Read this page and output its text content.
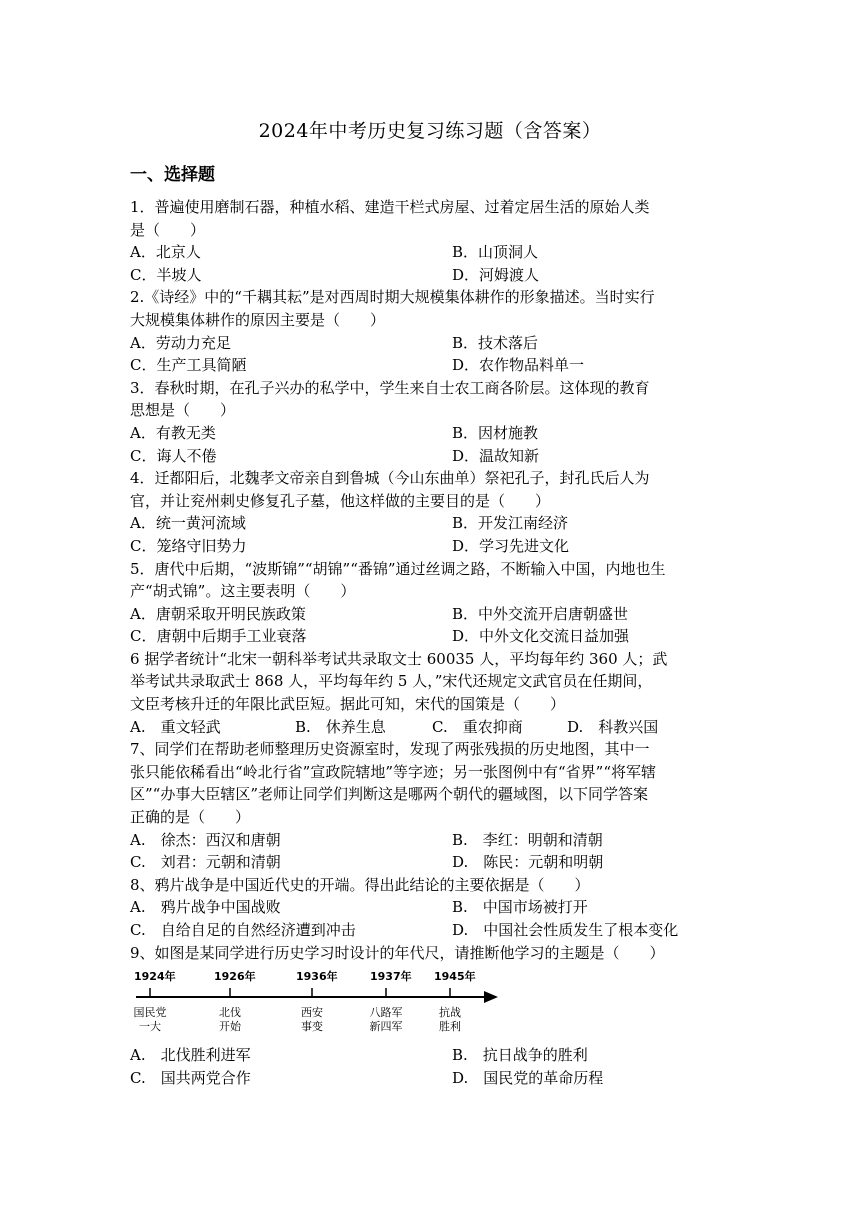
2024年中考历史复习练习题（含答案）
一、选择题
1．普遍使用磨制石器，种植水稻、建造干栏式房屋、过着定居生活的原始人类
是（　　）
A．北京人	B．山顶洞人
C．半坡人	D．河姆渡人
2.《诗经》中的“千耦其耘”是对西周时期大规模集体耕作的形象描述。当时实行
大规模集体耕作的原因主要是（　　）
A．劳动力充足	B．技术落后
C．生产工具简陋	D．农作物品料单一
3．春秋时期，在孔子兴办的私学中，学生来自士农工商各阶层。这体现的教育
思想是（　　）
A．有教无类	B．因材施教
C．诲人不倦	D．温故知新
4．迁都阳后，北魏孝文帝亲自到鲁城（今山东曲单）祭祀孔子，封孔氏后人为
官，并让兖州刺史修复孔子墓，他这样做的主要目的是（　　）
A．统一黄河流域	B．开发江南经济
C．笼络守旧势力	D．学习先进文化
5．唐代中后期，“波斯锦”“胡锦”“番锦”通过丝调之路，不断输入中国，内地也生
产“胡式锦”。这主要表明（　　）
A．唐朝采取开明民族政策	B．中外交流开启唐朝盛世
C．唐朝中后期手工业衰落	D．中外文化交流日益加强
6 据学者统计“北宋一朝科举考试共录取文士 60035 人，平均每年约 360 人；武
举考试共录取武士 868 人，平均每年约 5 人，”宋代还规定文武官员在任期间，
文臣考核升迁的年限比武臣短。据此可知，宋代的国策是（　　）
A.　重文轻武	B.　休养生息	C.　重农抑商	D.　科教兴国
7、同学们在帮助老师整理历史资源室时，发现了两张残损的历史地图，其中一
张只能依稀看出“岭北行省”宣政院辖地”等字迹；另一张图例中有“省界”“将军辖
区”“办事大臣辖区”老师让同学们判断这是哪两个朝代的疆域图，以下同学答案
正确的是（　　）
A.　徐杰：西汉和唐朝	B.　李红：明朝和清朝
C.　刘君：元朝和清朝	D.　陈民：元朝和明朝
8、鸦片战争是中国近代史的开端。得出此结论的主要依据是（　　）
A.　鸦片战争中国战败	B.　中国市场被打开
C.　自给自足的自然经济遭到冲击	D.　中国社会性质发生了根本变化
9、如图是某同学进行历史学习时设计的年代尺，请推断他学习的主题是（　　）
1924年	1926年	1936年	1937年 1945年
国民党
一大
北伐
开始
西安
事变
八路军
新四军
抗战
胜利
A.　北伐胜利进军	B.　抗日战争的胜利
C.　国共两党合作	D.　国民党的革命历程
